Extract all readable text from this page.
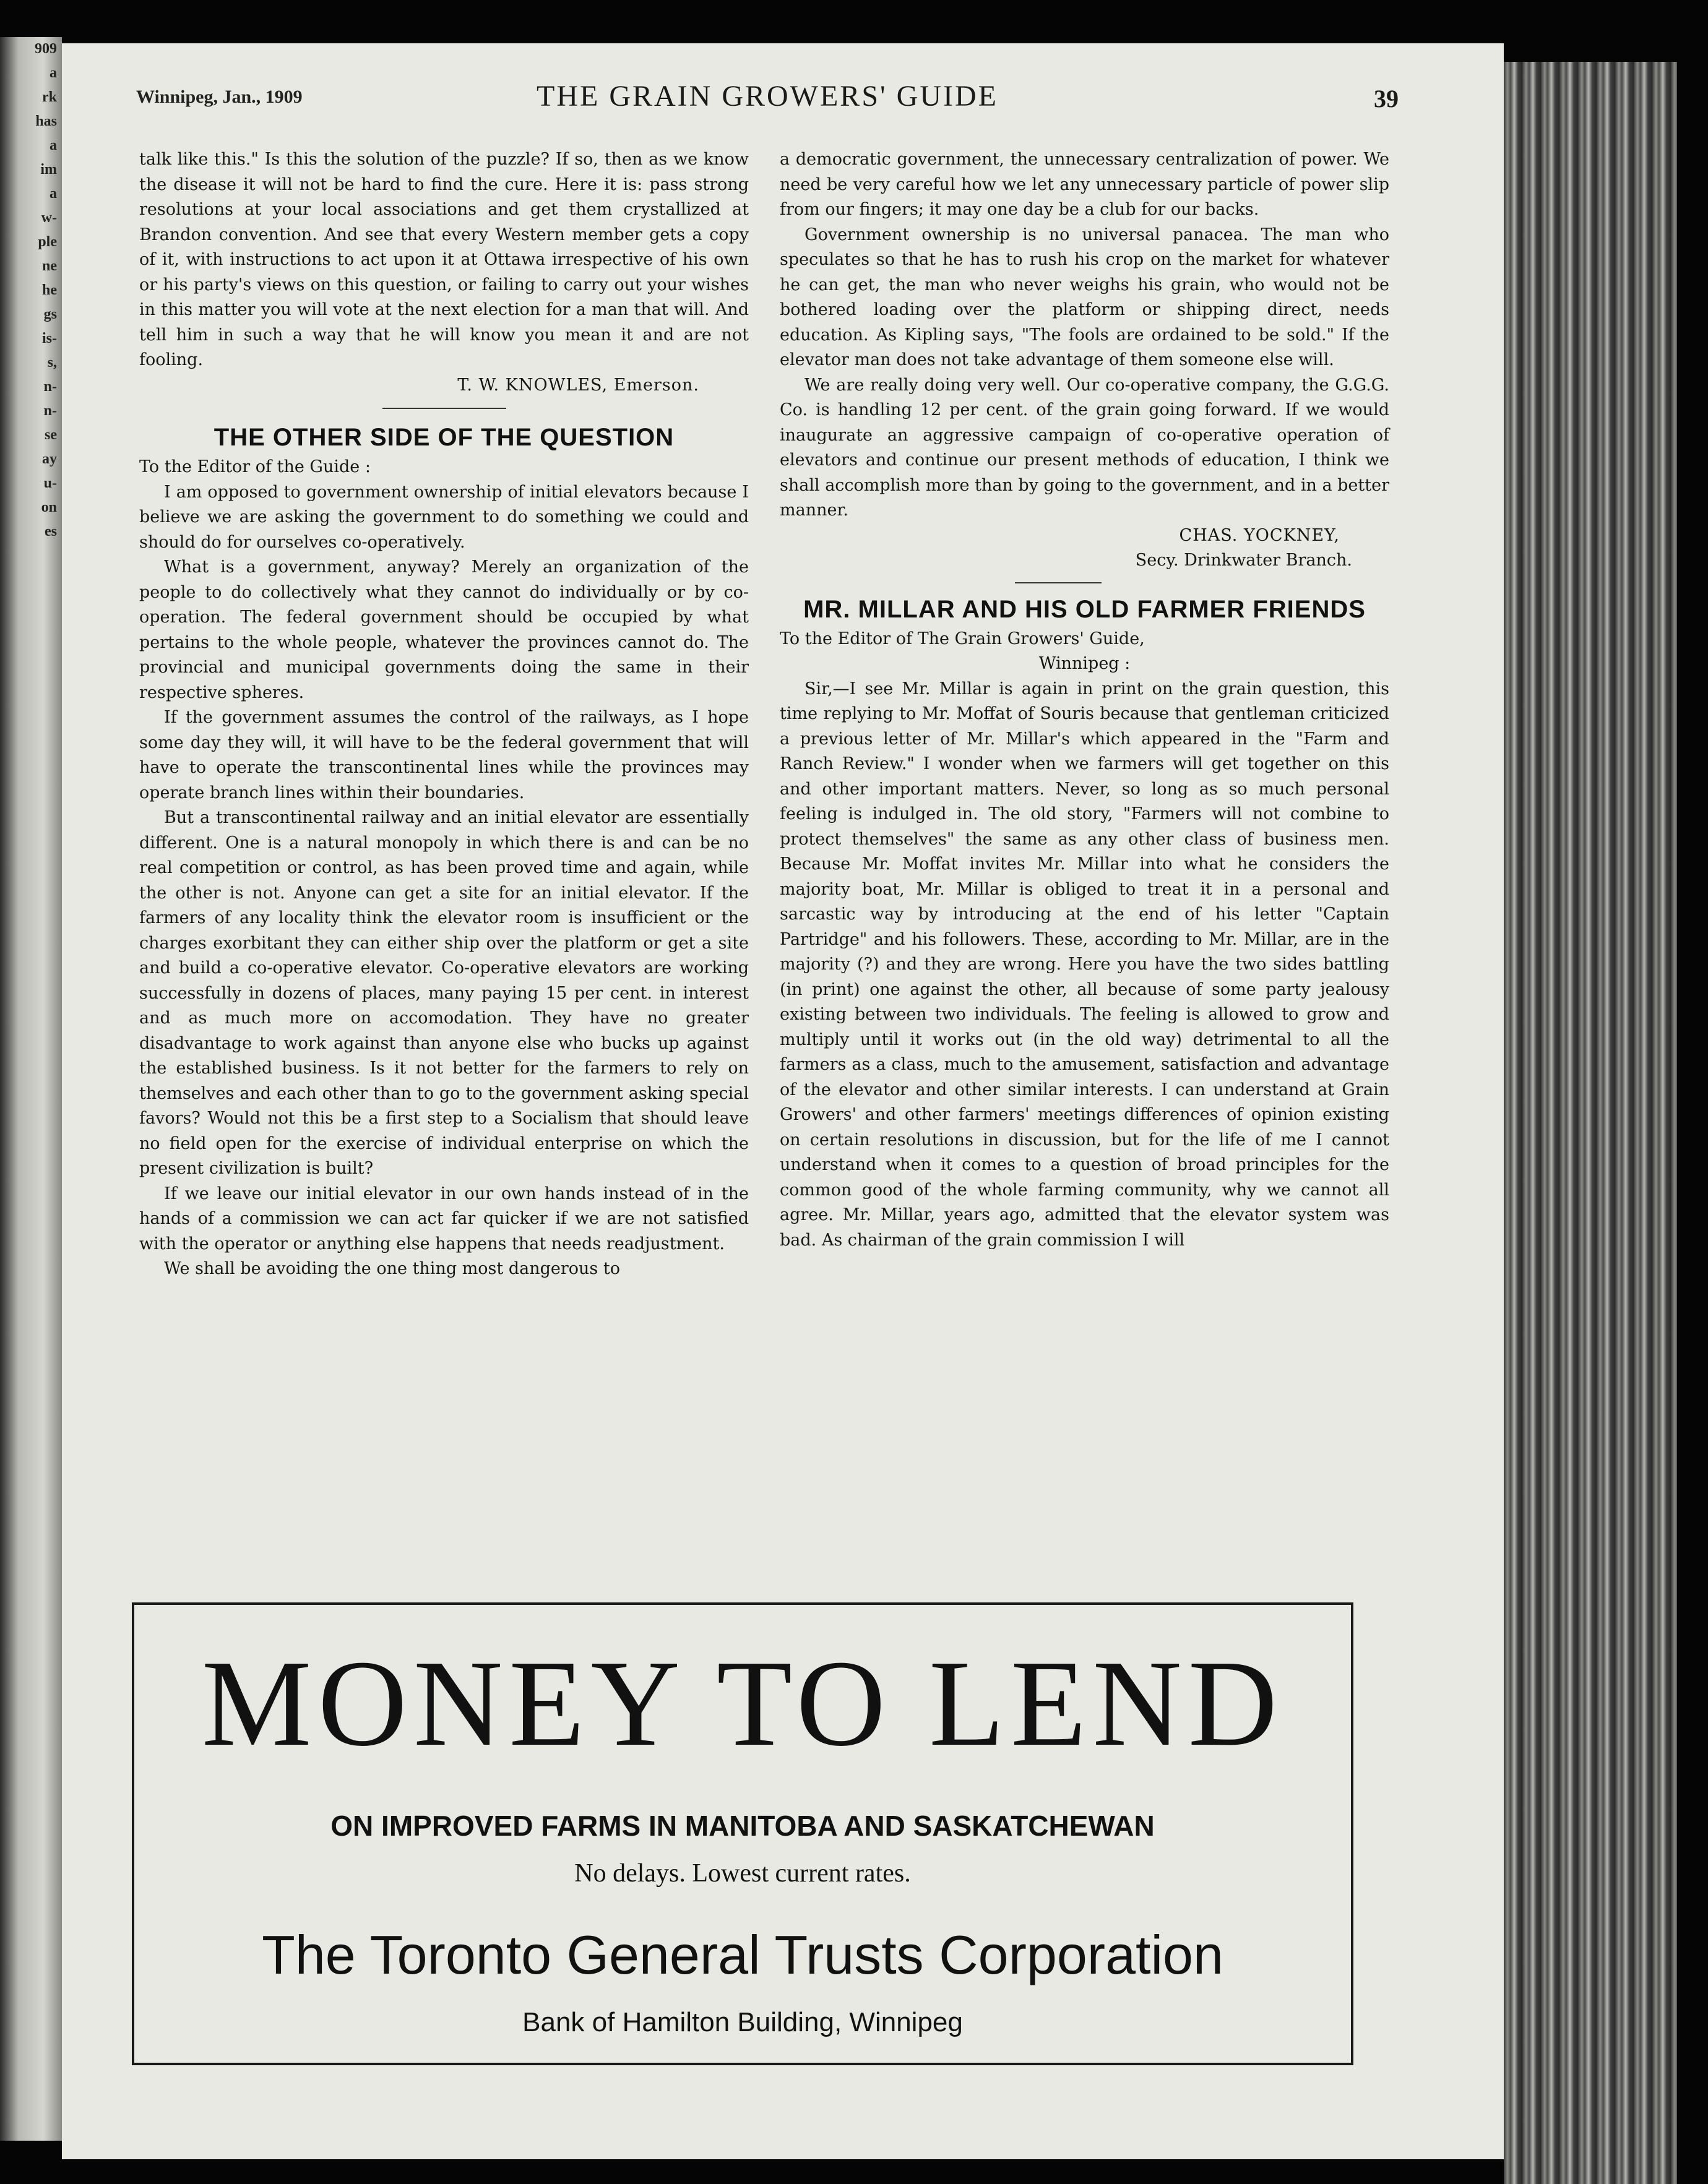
909
a
rk
has
a
im
a
w-
ple
ne
he
gs
is-
s,
n-
n-
se
ay
u-
on
es
Winnipeg, Jan., 1909	THE GRAIN GROWERS' GUIDE	39

talk like this." Is this the solution of the puzzle? If so, then as we know the disease it will not be hard to find the cure. Here it is: pass strong resolutions at your local associations and get them crystallized at Brandon convention. And see that every Western member gets a copy of it, with instructions to act upon it at Ottawa irrespective of his own or his party's views on this question, or failing to carry out your wishes in this matter you will vote at the next election for a man that will. And tell him in such a way that he will know you mean it and are not fooling.

T. W. KNOWLES, Emerson.
THE OTHER SIDE OF THE QUESTION

To the Editor of the Guide :

I am opposed to government ownership of initial elevators because I believe we are asking the government to do something we could and should do for ourselves co-operatively.

What is a government, anyway? Merely an organization of the people to do collectively what they cannot do individually or by co-operation. The federal government should be occupied by what pertains to the whole people, whatever the provinces cannot do. The provincial and municipal governments doing the same in their respective spheres.

If the government assumes the control of the railways, as I hope some day they will, it will have to be the federal government that will have to operate the transcontinental lines while the provinces may operate branch lines within their boundaries.

But a transcontinental railway and an initial elevator are essentially different. One is a natural monopoly in which there is and can be no real competition or control, as has been proved time and again, while the other is not. Anyone can get a site for an initial elevator. If the farmers of any locality think the elevator room is insufficient or the charges exorbitant they can either ship over the platform or get a site and build a co-operative elevator. Co-operative elevators are working successfully in dozens of places, many paying 15 per cent. in interest and as much more on accomodation. They have no greater disadvantage to work against than anyone else who bucks up against the established business. Is it not better for the farmers to rely on themselves and each other than to go to the government asking special favors? Would not this be a first step to a Socialism that should leave no field open for the exercise of individual enterprise on which the present civilization is built?

If we leave our initial elevator in our own hands instead of in the hands of a commission we can act far quicker if we are not satisfied with the operator or anything else happens that needs readjustment.

We shall be avoiding the one thing most dangerous to

a democratic government, the unnecessary centralization of power. We need be very careful how we let any unnecessary particle of power slip from our fingers; it may one day be a club for our backs.

Government ownership is no universal panacea. The man who speculates so that he has to rush his crop on the market for whatever he can get, the man who never weighs his grain, who would not be bothered loading over the platform or shipping direct, needs education. As Kipling says, "The fools are ordained to be sold." If the elevator man does not take advantage of them someone else will.

We are really doing very well. Our co-operative company, the G.G.G. Co. is handling 12 per cent. of the grain going forward. If we would inaugurate an aggressive campaign of co-operative operation of elevators and continue our present methods of education, I think we shall accomplish more than by going to the government, and in a better manner.

CHAS. YOCKNEY,
Secy. Drinkwater Branch.
MR. MILLAR AND HIS OLD FARMER FRIENDS

To the Editor of The Grain Growers' Guide,

Winnipeg :

Sir,—I see Mr. Millar is again in print on the grain question, this time replying to Mr. Moffat of Souris because that gentleman criticized a previous letter of Mr. Millar's which appeared in the "Farm and Ranch Review." I wonder when we farmers will get together on this and other important matters. Never, so long as so much personal feeling is indulged in. The old story, "Farmers will not combine to protect themselves" the same as any other class of business men. Because Mr. Moffat invites Mr. Millar into what he considers the majority boat, Mr. Millar is obliged to treat it in a personal and sarcastic way by introducing at the end of his letter "Captain Partridge" and his followers. These, according to Mr. Millar, are in the majority (?) and they are wrong. Here you have the two sides battling (in print) one against the other, all because of some party jealousy existing between two individuals. The feeling is allowed to grow and multiply until it works out (in the old way) detrimental to all the farmers as a class, much to the amusement, satisfaction and advantage of the elevator and other similar interests. I can understand at Grain Growers' and other farmers' meetings differences of opinion existing on certain resolutions in discussion, but for the life of me I cannot understand when it comes to a question of broad principles for the common good of the whole farming community, why we cannot all agree. Mr. Millar, years ago, admitted that the elevator system was bad. As chairman of the grain commission I will

MONEY TO LEND
ON IMPROVED FARMS IN MANITOBA AND SASKATCHEWAN
No delays. Lowest current rates.
The Toronto General Trusts Corporation
Bank of Hamilton Building, Winnipeg
